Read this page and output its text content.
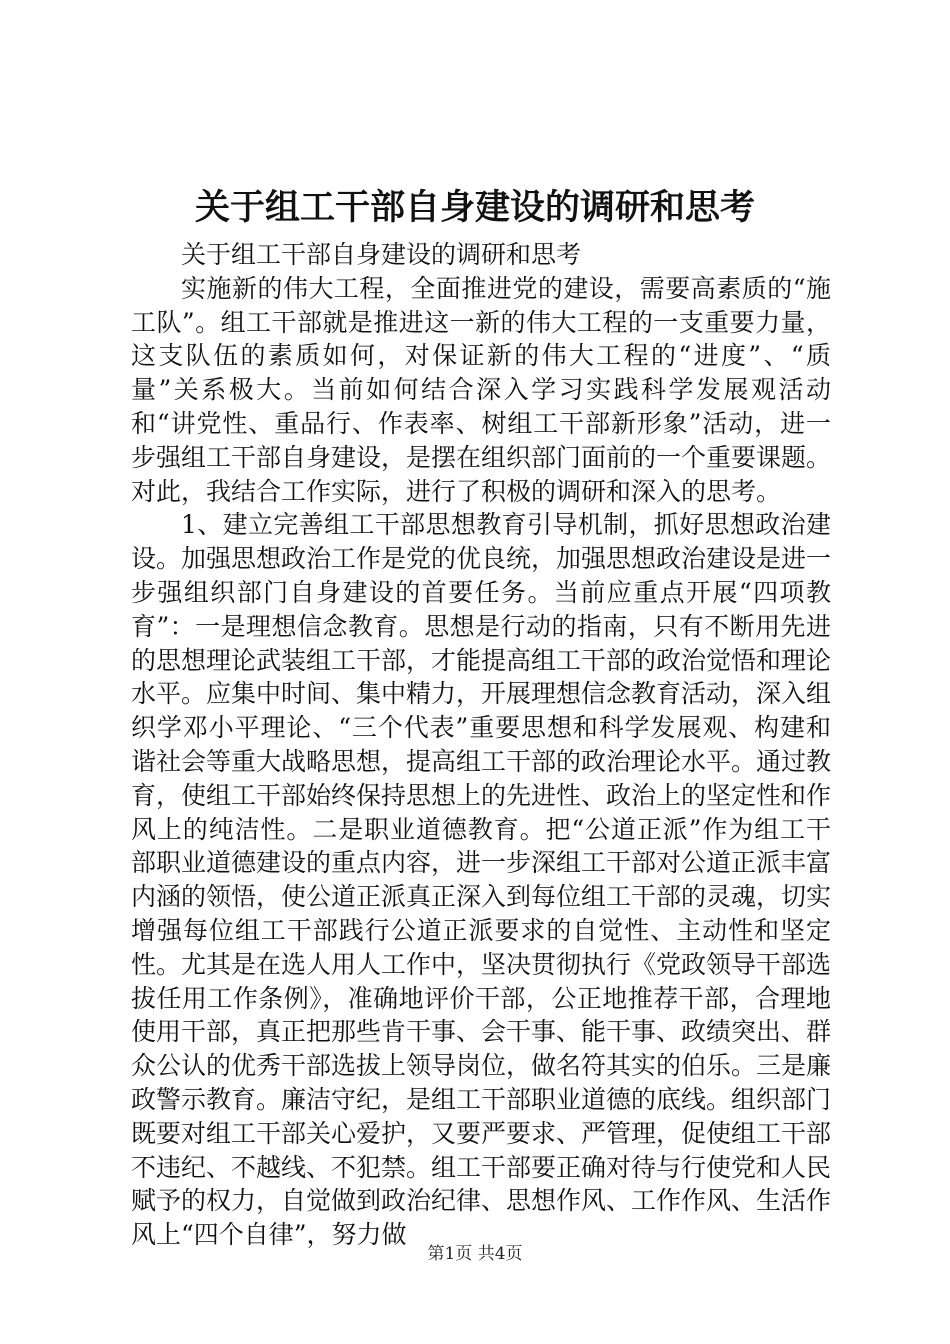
关于组工干部自身建设的调研和思考

关于组工干部自身建设的调研和思考

实施新的伟大工程，全面推进党的建设，需要高素质的“施工队”。组工干部就是推进这一新的伟大工程的一支重要力量，这支队伍的素质如何，对保证新的伟大工程的“进度”、“质量”关系极大。当前如何结合深入学习实践科学发展观活动和“讲党性、重品行、作表率、树组工干部新形象”活动，进一步强组工干部自身建设，是摆在组织部门面前的一个重要课题。对此，我结合工作实际，进行了积极的调研和深入的思考。

1、建立完善组工干部思想教育引导机制，抓好思想政治建设。加强思想政治工作是党的优良统，加强思想政治建设是进一步强组织部门自身建设的首要任务。当前应重点开展“四项教育”：一是理想信念教育。思想是行动的指南，只有不断用先进的思想理论武装组工干部，才能提高组工干部的政治觉悟和理论水平。应集中时间、集中精力，开展理想信念教育活动，深入组织学邓小平理论、“三个代表”重要思想和科学发展观、构建和谐社会等重大战略思想，提高组工干部的政治理论水平。通过教育，使组工干部始终保持思想上的先进性、政治上的坚定性和作风上的纯洁性。二是职业道德教育。把“公道正派”作为组工干部职业道德建设的重点内容，进一步深组工干部对公道正派丰富内涵的领悟，使公道正派真正深入到每位组工干部的灵魂，切实增强每位组工干部践行公道正派要求的自觉性、主动性和坚定性。尤其是在选人用人工作中，坚决贯彻执行《党政领导干部选拔任用工作条例》，准确地评价干部，公正地推荐干部，合理地使用干部，真正把那些肯干事、会干事、能干事、政绩突出、群众公认的优秀干部选拔上领导岗位，做名符其实的伯乐。三是廉政警示教育。廉洁守纪，是组工干部职业道德的底线。组织部门既要对组工干部关心爱护，又要严要求、严管理，促使组工干部不违纪、不越线、不犯禁。组工干部要正确对待与行使党和人民赋予的权力，自觉做到政治纪律、思想作风、工作作风、生活作风上“四个自律”，努力做

第1页 共4页
